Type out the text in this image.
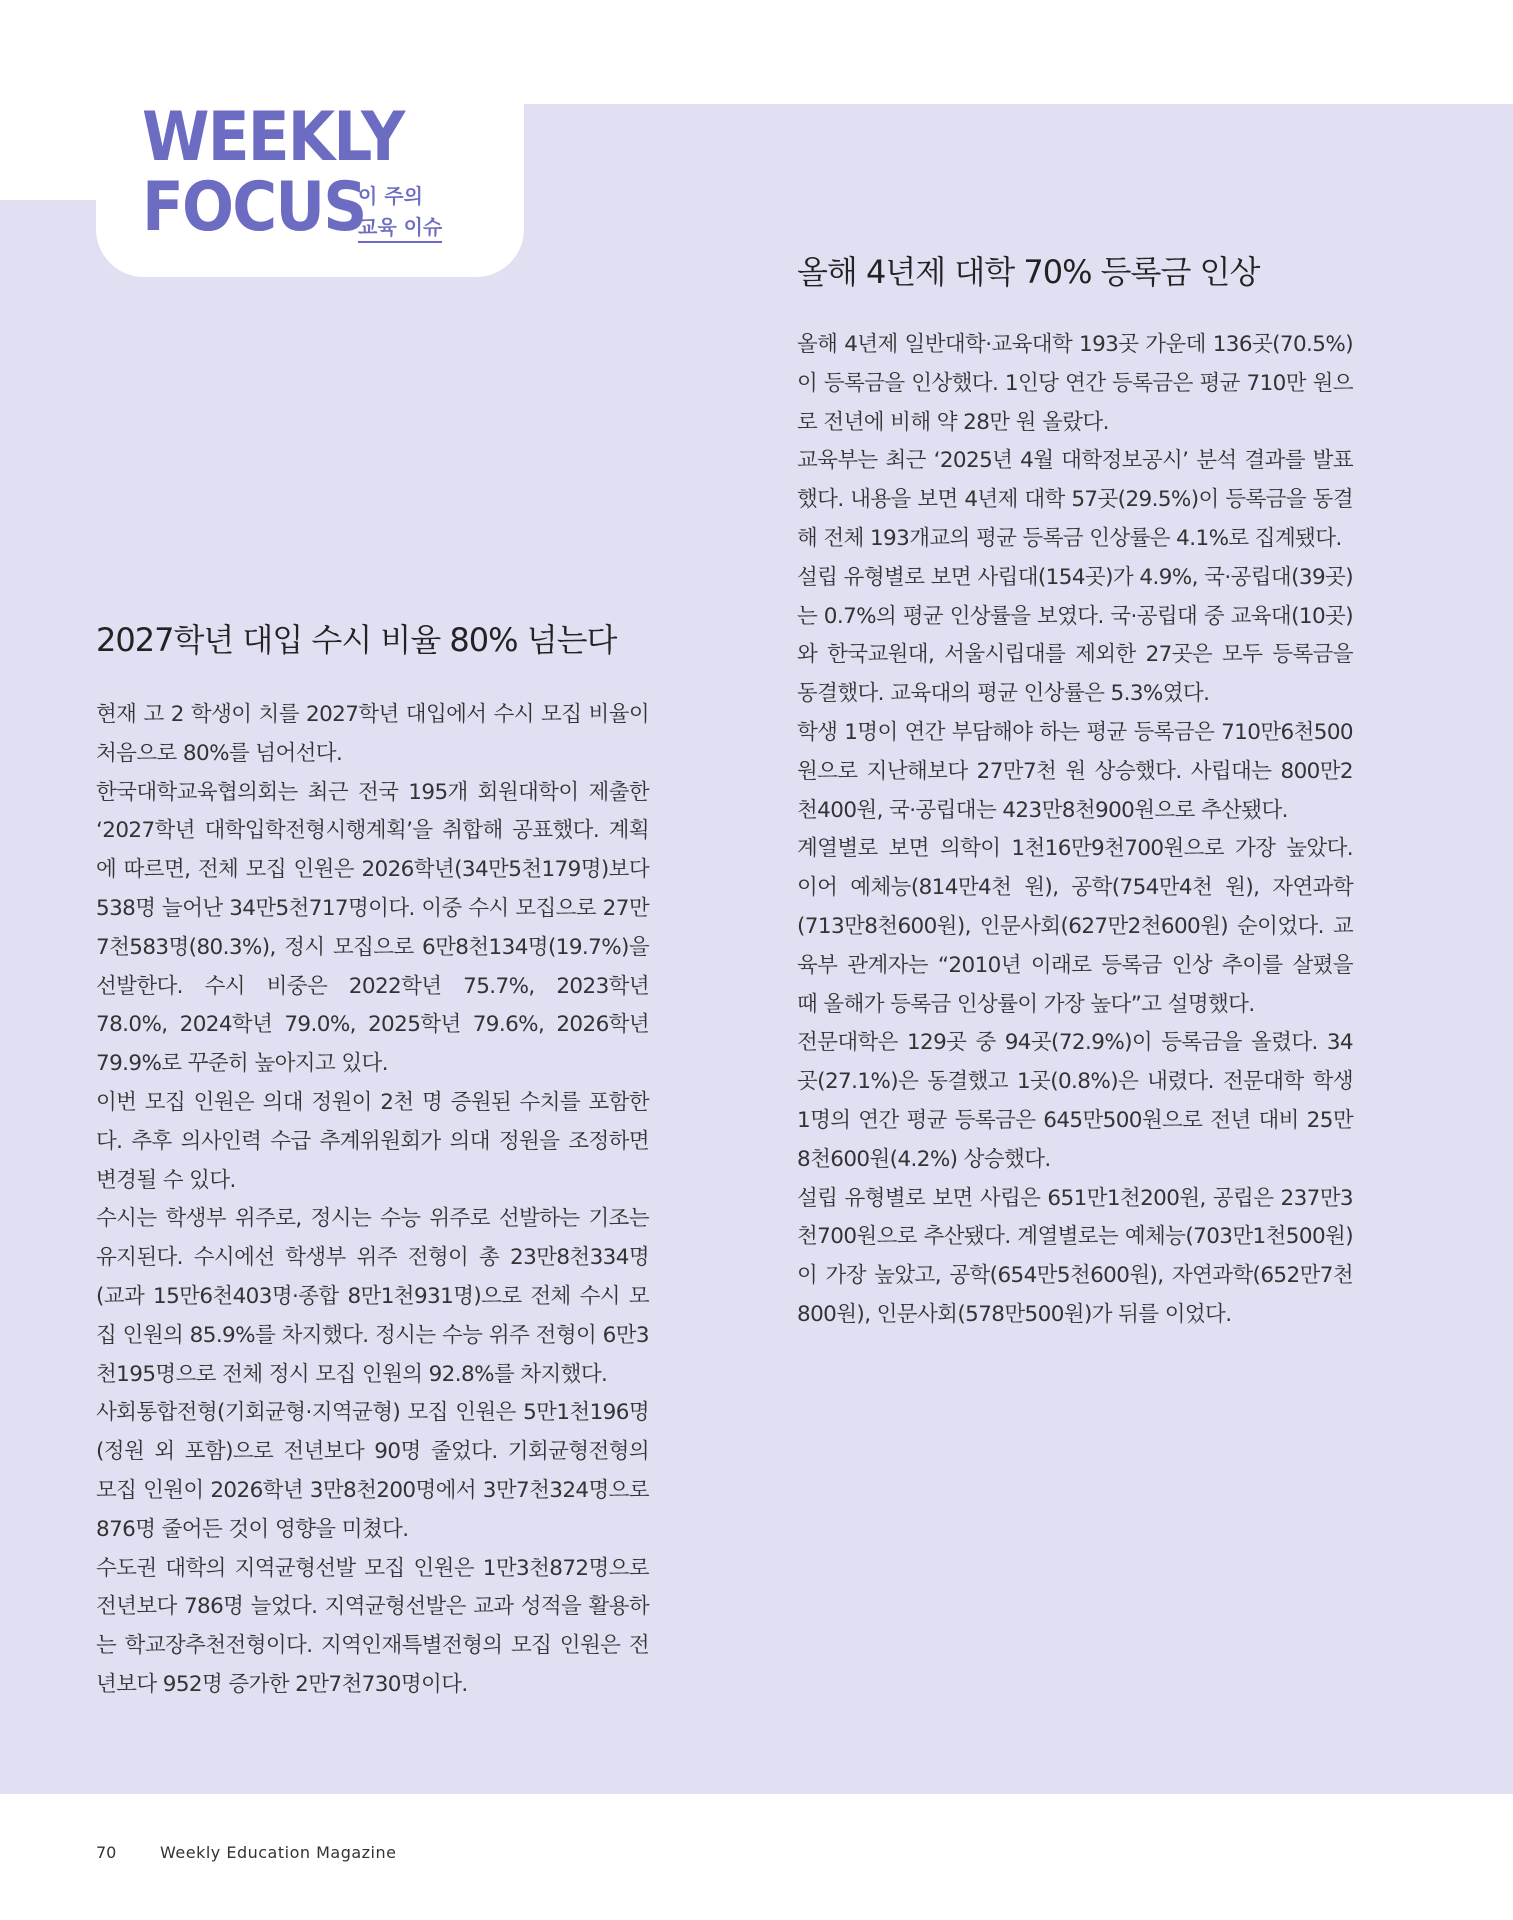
WEEKLY
FOCUS
이 주의
교육 이슈
2027학년 대입 수시 비율 80% 넘는다

현재 고 2 학생이 치를 2027학년 대입에서 수시 모집 비율이 처음으로 80%를 넘어선다.

한국대학교육협의회는 최근 전국 195개 회원대학이 제출한 ‘2027학년 대학입학전형시행계획’을 취합해 공표했다. 계획에 따르면, 전체 모집 인원은 2026학년(34만5천179명)보다 538명 늘어난 34만5천717명이다. 이중 수시 모집으로 27만7천583명(80.3%), 정시 모집으로 6만8천134명(19.7%)을 선발한다. 수시 비중은 2022학년 75.7%, 2023학년 78.0%, 2024학년 79.0%, 2025학년 79.6%, 2026학년 79.9%로 꾸준히 높아지고 있다.

이번 모집 인원은 의대 정원이 2천 명 증원된 수치를 포함한다. 추후 의사인력 수급 추계위원회가 의대 정원을 조정하면 변경될 수 있다.

수시는 학생부 위주로, 정시는 수능 위주로 선발하는 기조는 유지된다. 수시에선 학생부 위주 전형이 총 23만8천334명(교과 15만6천403명·종합 8만1천931명)으로 전체 수시 모집 인원의 85.9%를 차지했다. 정시는 수능 위주 전형이 6만3천195명으로 전체 정시 모집 인원의 92.8%를 차지했다.

사회통합전형(기회균형·지역균형) 모집 인원은 5만1천196명(정원 외 포함)으로 전년보다 90명 줄었다. 기회균형전형의 모집 인원이 2026학년 3만8천200명에서 3만7천324명으로 876명 줄어든 것이 영향을 미쳤다.

수도권 대학의 지역균형선발 모집 인원은 1만3천872명으로 전년보다 786명 늘었다. 지역균형선발은 교과 성적을 활용하는 학교장추천전형이다. 지역인재특별전형의 모집 인원은 전년보다 952명 증가한 2만7천730명이다.

올해 4년제 대학 70% 등록금 인상

올해 4년제 일반대학·교육대학 193곳 가운데 136곳(70.5%)이 등록금을 인상했다. 1인당 연간 등록금은 평균 710만 원으로 전년에 비해 약 28만 원 올랐다.

교육부는 최근 ‘2025년 4월 대학정보공시’ 분석 결과를 발표했다. 내용을 보면 4년제 대학 57곳(29.5%)이 등록금을 동결해 전체 193개교의 평균 등록금 인상률은 4.1%로 집계됐다.

설립 유형별로 보면 사립대(154곳)가 4.9%, 국·공립대(39곳)는 0.7%의 평균 인상률을 보였다. 국·공립대 중 교육대(10곳)와 한국교원대, 서울시립대를 제외한 27곳은 모두 등록금을 동결했다. 교육대의 평균 인상률은 5.3%였다.

학생 1명이 연간 부담해야 하는 평균 등록금은 710만6천500원으로 지난해보다 27만7천 원 상승했다. 사립대는 800만2천400원, 국·공립대는 423만8천900원으로 추산됐다.

계열별로 보면 의학이 1천16만9천700원으로 가장 높았다. 이어 예체능(814만4천 원), 공학(754만4천 원), 자연과학(713만8천600원), 인문사회(627만2천600원) 순이었다. 교육부 관계자는 “2010년 이래로 등록금 인상 추이를 살폈을 때 올해가 등록금 인상률이 가장 높다”고 설명했다.

전문대학은 129곳 중 94곳(72.9%)이 등록금을 올렸다. 34곳(27.1%)은 동결했고 1곳(0.8%)은 내렸다. 전문대학 학생 1명의 연간 평균 등록금은 645만500원으로 전년 대비 25만8천600원(4.2%) 상승했다.

설립 유형별로 보면 사립은 651만1천200원, 공립은 237만3천700원으로 추산됐다. 계열별로는 예체능(703만1천500원)이 가장 높았고, 공학(654만5천600원), 자연과학(652만7천800원), 인문사회(578만500원)가 뒤를 이었다.

70	Weekly Education Magazine
